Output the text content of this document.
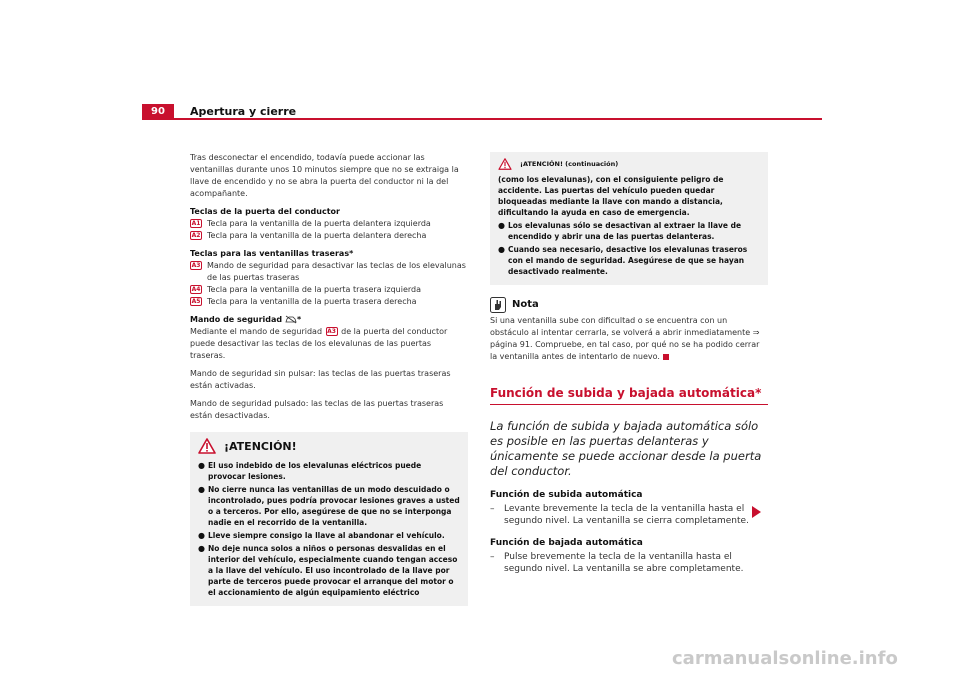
90	Apertura y cierre

Tras desconectar el encendido, todavía puede accionar las ventanillas durante unos 10 minutos siempre que no se extraiga la llave de encendido y no se abra la puerta del conductor ni la del acompañante.

Teclas de la puerta del conductor
A1 Tecla para la ventanilla de la puerta delantera izquierda
A2 Tecla para la ventanilla de la puerta delantera derecha
Teclas para las ventanillas traseras*
A3 Mando de seguridad para desactivar las teclas de los elevalunas de las puertas traseras
A4 Tecla para la ventanilla de la puerta trasera izquierda
A5 Tecla para la ventanilla de la puerta trasera derecha
Mando de seguridad *

Mediante el mando de seguridad A3 de la puerta del conductor puede desactivar las teclas de los elevalunas de las puertas traseras.

Mando de seguridad sin pulsar: las teclas de las puertas traseras están activadas.

Mando de seguridad pulsado: las teclas de las puertas traseras están desactivadas.

¡ATENCIÓN!
● El uso indebido de los elevalunas eléctricos puede provocar lesiones.
● No cierre nunca las ventanillas de un modo descuidado o incontrolado, pues podría provocar lesiones graves a usted o a terceros. Por ello, asegúrese de que no se interponga nadie en el recorrido de la ventanilla.
● Lleve siempre consigo la llave al abandonar el vehículo.
● No deje nunca solos a niños o personas desvalidas en el interior del vehículo, especialmente cuando tengan acceso a la llave del vehículo. El uso incontrolado de la llave por parte de terceros puede provocar el arranque del motor o el accionamiento de algún equipamiento eléctrico
¡ATENCIÓN! (continuación)
(como los elevalunas), con el consiguiente peligro de accidente. Las puertas del vehículo pueden quedar bloqueadas mediante la llave con mando a distancia, dificultando la ayuda en caso de emergencia.
● Los elevalunas sólo se desactivan al extraer la llave de encendido y abrir una de las puertas delanteras.
● Cuando sea necesario, desactive los elevalunas traseros con el mando de seguridad. Asegúrese de que se hayan desactivado realmente.
Nota

Si una ventanilla sube con dificultad o se encuentra con un obstáculo al intentar cerrarla, se volverá a abrir inmediatamente ⇒ página 91. Compruebe, en tal caso, por qué no se ha podido cerrar la ventanilla antes de intentarlo de nuevo.

Función de subida y bajada automática*
La función de subida y bajada automática sólo es posible en las puertas delanteras y únicamente se puede accionar desde la puerta del conductor.
Función de subida automática
–	Levante brevemente la tecla de la ventanilla hasta el segundo nivel. La ventanilla se cierra completamente.
Función de bajada automática
–	Pulse brevemente la tecla de la ventanilla hasta el segundo nivel. La ventanilla se abre completamente.
carmanualsonline.info
